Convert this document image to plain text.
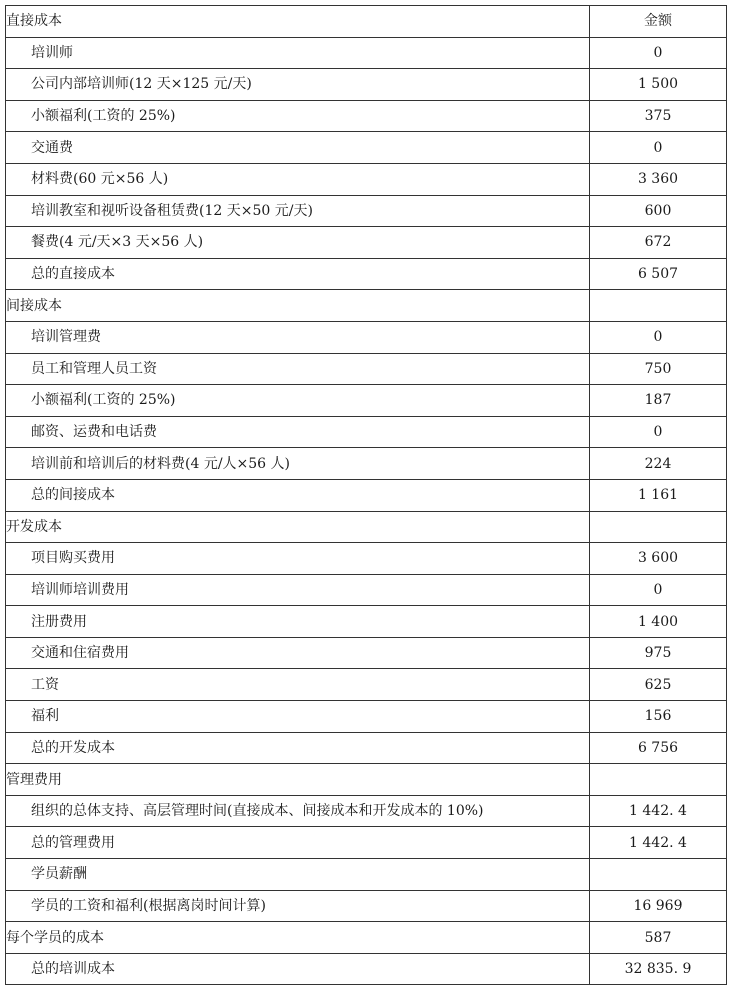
直接成本	金额
培训师	0
公司内部培训师(12 天×125 元/天)	1 500
小额福利(工资的 25%)	375
交通费	0
材料费(60 元×56 人)	3 360
培训教室和视听设备租赁费(12 天×50 元/天)	600
餐费(4 元/天×3 天×56 人)	672
总的直接成本	6 507
间接成本	
培训管理费	0
员工和管理人员工资	750
小额福利(工资的 25%)	187
邮资、运费和电话费	0
培训前和培训后的材料费(4 元/人×56 人)	224
总的间接成本	1 161
开发成本	
项目购买费用	3 600
培训师培训费用	0
注册费用	1 400
交通和住宿费用	975
工资	625
福利	156
总的开发成本	6 756
管理费用	
组织的总体支持、高层管理时间(直接成本、间接成本和开发成本的 10%)	1 442. 4
总的管理费用	1 442. 4
学员薪酬	
学员的工资和福利(根据离岗时间计算)	16 969
每个学员的成本	587
总的培训成本	32 835. 9
